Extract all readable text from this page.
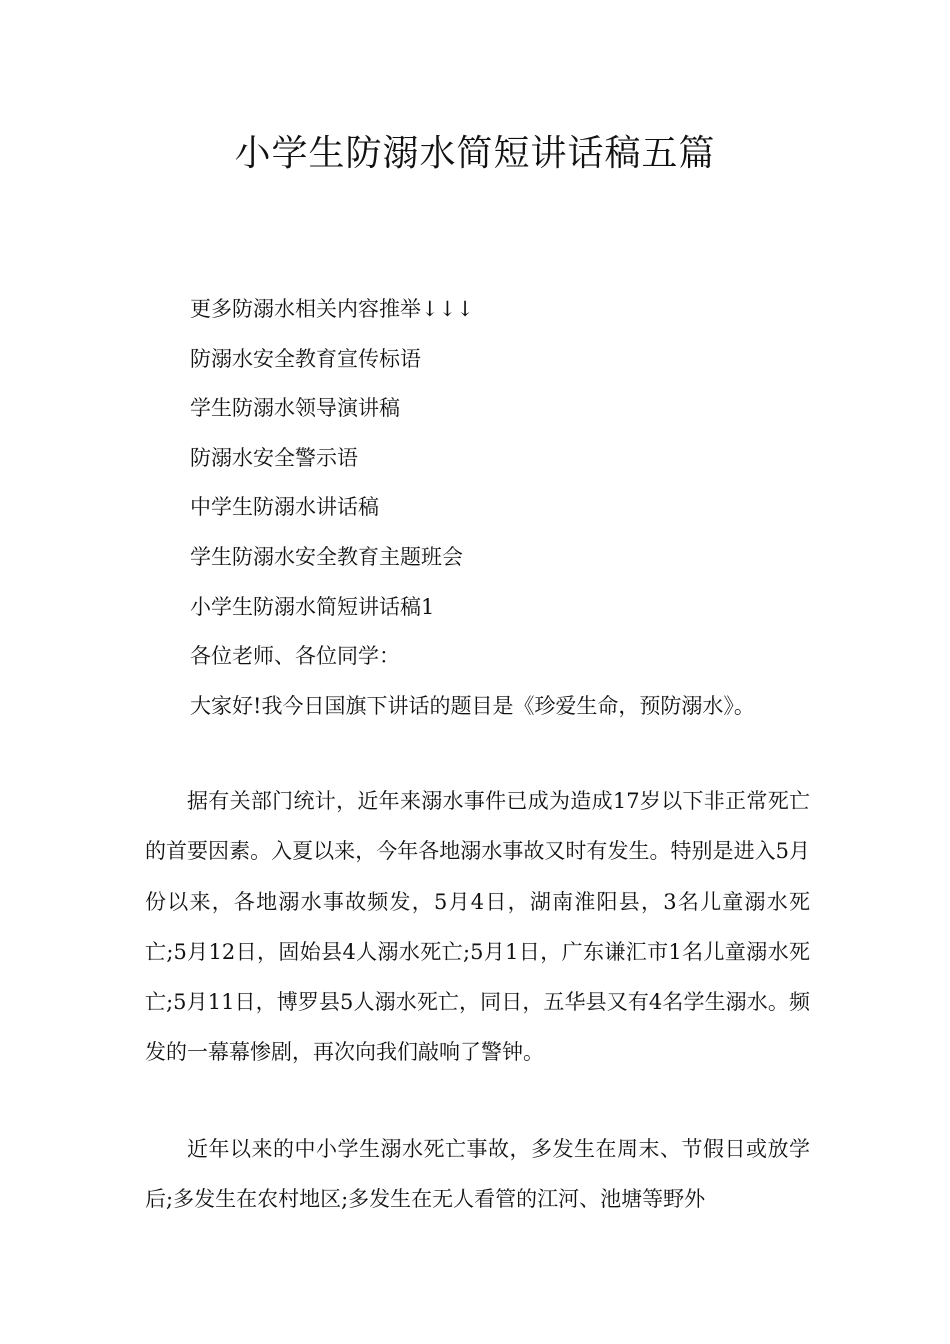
小学生防溺水简短讲话稿五篇
更多防溺水相关内容推举↓↓↓
防溺水安全教育宣传标语
学生防溺水领导演讲稿
防溺水安全警示语
中学生防溺水讲话稿
学生防溺水安全教育主题班会
小学生防溺水简短讲话稿1
各位老师、各位同学：
大家好!我今日国旗下讲话的题目是《珍爱生命，预防溺水》。

据有关部门统计，近年来溺水事件已成为造成17岁以下非正常死亡的首要因素。入夏以来，今年各地溺水事故又时有发生。特别是进入5月份以来，各地溺水事故频发，5月4日，湖南淮阳县，3名儿童溺水死亡;5月12日，固始县4人溺水死亡;5月1日，广东谦汇市1名儿童溺水死亡;5月11日，博罗县5人溺水死亡，同日，五华县又有4名学生溺水。频发的一幕幕惨剧，再次向我们敲响了警钟。

近年以来的中小学生溺水死亡事故，多发生在周末、节假日或放学后;多发生在农村地区;多发生在无人看管的江河、池塘等野外
